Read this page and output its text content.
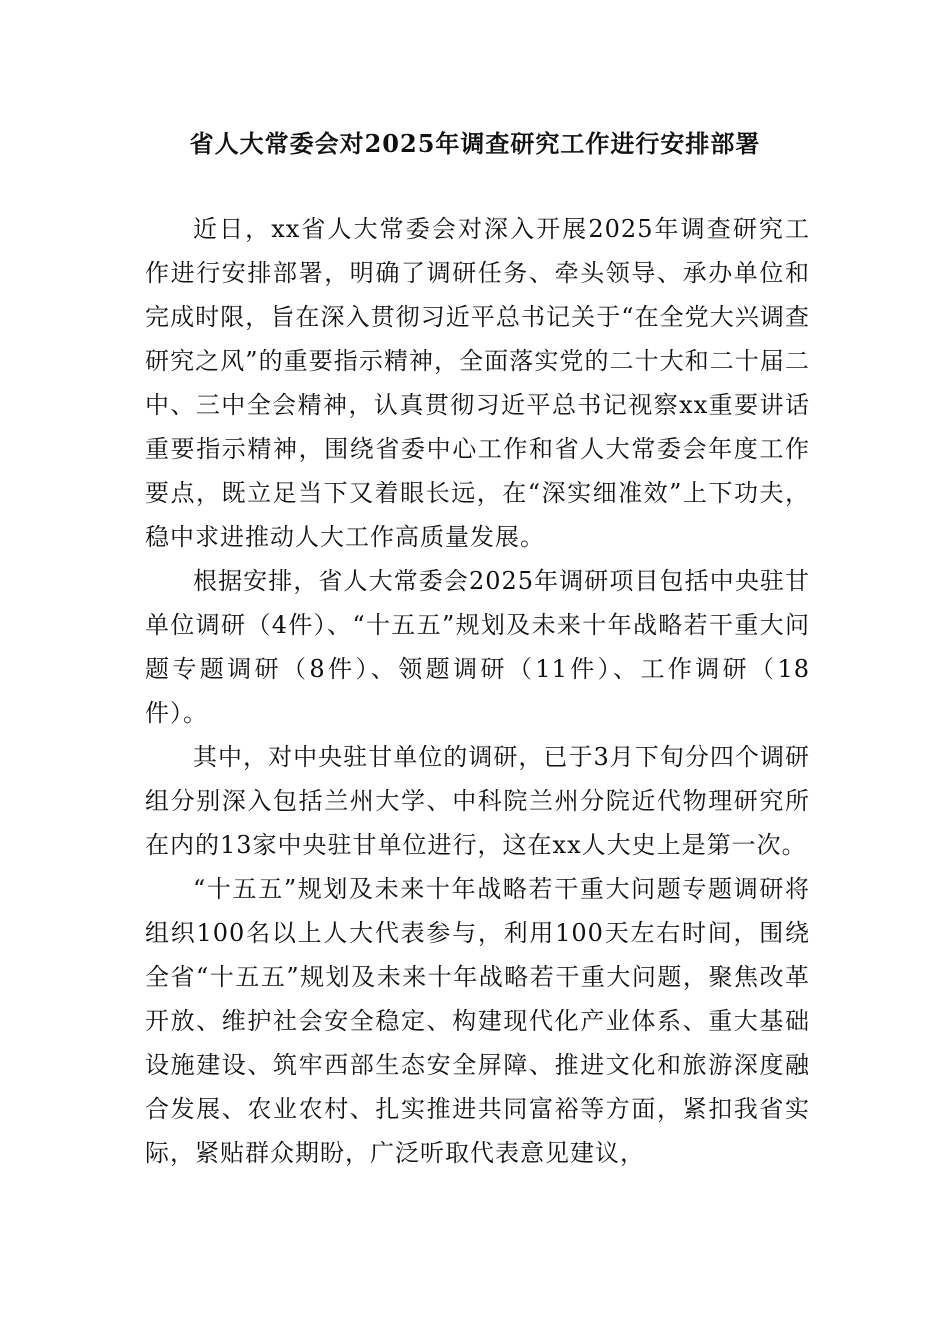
省人大常委会对2025年调查研究工作进行安排部署

近日，xx省人大常委会对深入开展2025年调查研究工作进行安排部署，明确了调研任务、牵头领导、承办单位和完成时限，旨在深入贯彻习近平总书记关于“在全党大兴调查研究之风”的重要指示精神，全面落实党的二十大和二十届二中、三中全会精神，认真贯彻习近平总书记视察xx重要讲话重要指示精神，围绕省委中心工作和省人大常委会年度工作要点，既立足当下又着眼长远，在“深实细准效”上下功夫，稳中求进推动人大工作高质量发展。

根据安排，省人大常委会2025年调研项目包括中央驻甘单位调研（4件）、“十五五”规划及未来十年战略若干重大问题专题调研（8件）、领题调研（11件）、工作调研（18件）。

其中，对中央驻甘单位的调研，已于3月下旬分四个调研组分别深入包括兰州大学、中科院兰州分院近代物理研究所在内的13家中央驻甘单位进行，这在xx人大史上是第一次。

“十五五”规划及未来十年战略若干重大问题专题调研将组织100名以上人大代表参与，利用100天左右时间，围绕全省“十五五”规划及未来十年战略若干重大问题，聚焦改革开放、维护社会安全稳定、构建现代化产业体系、重大基础设施建设、筑牢西部生态安全屏障、推进文化和旅游深度融合发展、农业农村、扎实推进共同富裕等方面，紧扣我省实际，紧贴群众期盼，广泛听取代表意见建议，
